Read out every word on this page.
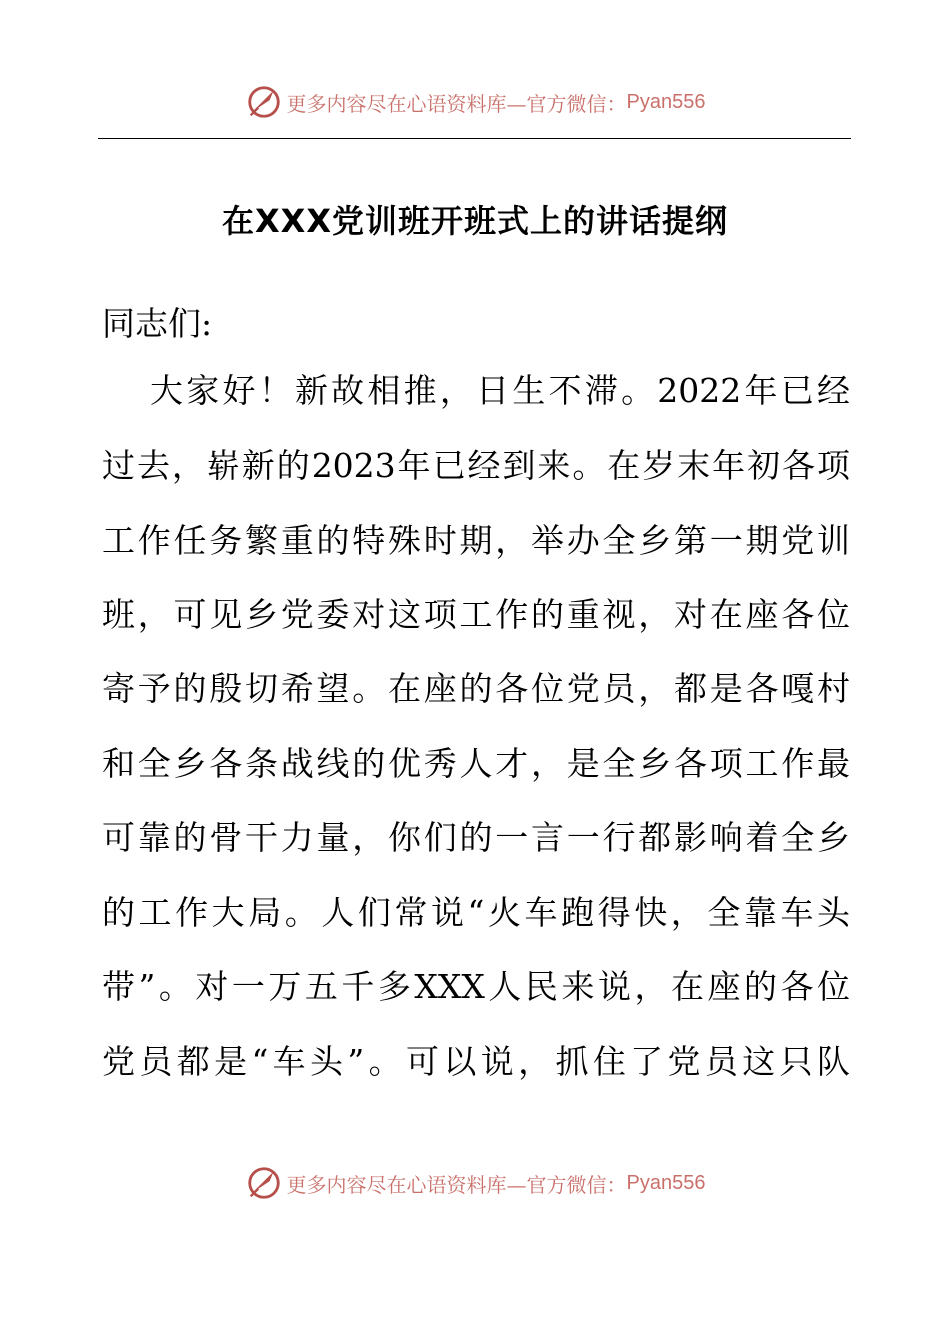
更多内容尽在心语资料库—官方微信： Pyan556
在XXX党训班开班式上的讲话提纲
同志们:
大家好！新故相推，日生不滞。2022年已经
过去，崭新的2023年已经到来。在岁末年初各项
工作任务繁重的特殊时期，举办全乡第一期党训
班，可见乡党委对这项工作的重视，对在座各位
寄予的殷切希望。在座的各位党员，都是各嘎村
和全乡各条战线的优秀人才，是全乡各项工作最
可靠的骨干力量，你们的一言一行都影响着全乡
的工作大局。人们常说“火车跑得快，全靠车头
带”。对一万五千多XXX人民来说，在座的各位
党员都是“车头”。可以说，抓住了党员这只队
更多内容尽在心语资料库—官方微信： Pyan556
